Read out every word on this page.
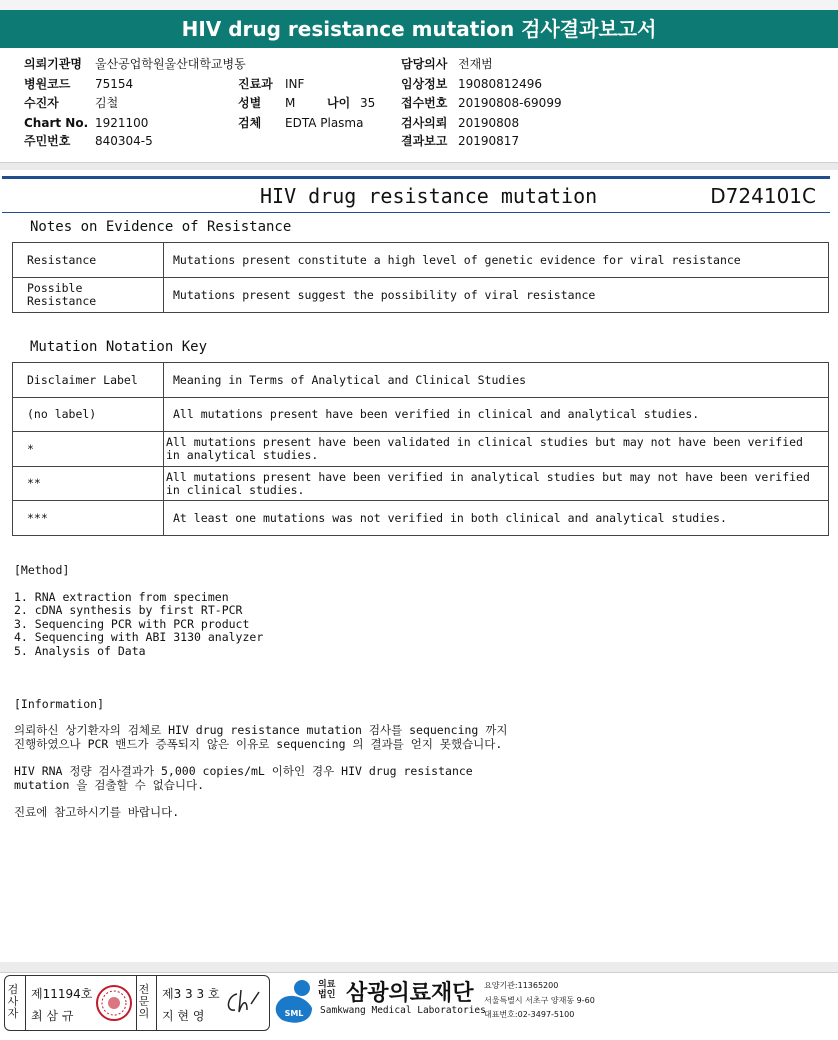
HIV drug resistance mutation 검사결과보고서
의뢰기관명 울산공업학원울산대학교병동
병원코드 75154
수진자	김철
Chart No. 1921100
주민번호 840304-5
진료과 INF
성별 M	나이 35
검체 EDTA Plasma
담당의사 전재범
임상정보 19080812496
접수번호 20190808-69099
검사의뢰 20190808
결과보고 20190817
HIV drug resistance mutation	D724101C
Notes on Evidence of Resistance
Resistance	Mutations present constitute a high level of genetic evidence for viral resistance
Possible Resistance	Mutations present suggest the possibility of viral resistance
Mutation Notation Key
Disclaimer Label	Meaning in Terms of Analytical and Clinical Studies
(no label)	All mutations present have been verified in clinical and analytical studies.
*	All mutations present have been validated in clinical studies but may not have been verified in analytical studies.
**	All mutations present have been verified in analytical studies but may not have been verified in clinical studies.
***	At least one mutations was not verified in both clinical and analytical studies.
[Method]
1. RNA extraction from specimen
2. cDNA synthesis by first RT-PCR
3. Sequencing PCR with PCR product
4. Sequencing with ABI 3130 analyzer
5. Analysis of Data
[Information]
의뢰하신 상기환자의 검체로 HIV drug resistance mutation 검사를 sequencing 까지
진행하였으나 PCR 밴드가 증폭되지 않은 이유로 sequencing 의 결과를 얻지 못했습니다.
HIV RNA 정량 검사결과가 5,000 copies/mL 이하인 경우 HIV drug resistance
mutation 을 검출할 수 없습니다.
진료에 참고하시기를 바랍니다.
검사자
제11194호
최 삼 규
전문의
제3 3 3 호
지 현 영	SML
의료
법인 삼광의료재단
Samkwang Medical Laboratories
요양기관:11365200
서울특별시 서초구 양재동 9-60
대표번호:02-3497-5100
